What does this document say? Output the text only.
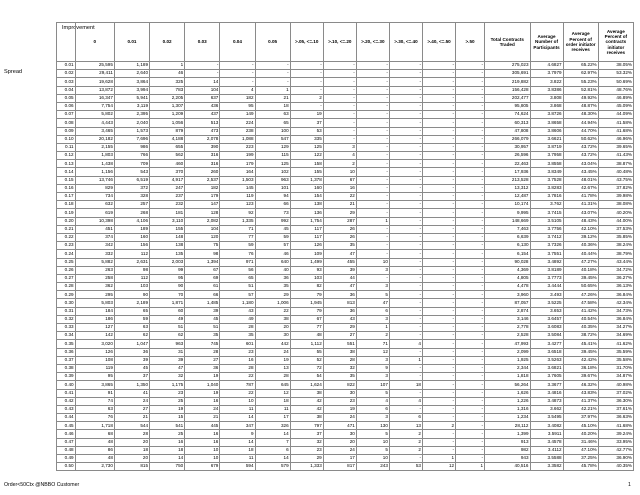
Improvement
Spread
	0	0.01	0.02	0.03	0.04	0.05	>.05, <=.10	>.10, <=.20	>.20, <=.30	>.30, <=.40	>.40, <=.50	>.50	Total Contracts Traded	Average Number of Participants	Average Percent of order initiator receives	Average Percent of contracts initiator receives
0.01	25,595	1,189	1	-	-	-	-	-	-	-	-	-	275,023	4.6827	65.22%	38.05%
0.02	29,411	2,640	46	-	-	-	-	-	-	-	-	-	305,691	3.7979	62.97%	53.32%
0.03	19,628	3,864	325	14	-	-	-	-	-	-	-	-	219,882	3.822	55.23%	50.69%
0.04	13,872	3,994	783	104	4	1	-	-	-	-	-	-	156,428	3.8386	52.81%	48.76%
0.05	16,347	5,941	2,205	637	182	21	2	-	-	-	-	-	202,477	3.808	49.92%	46.89%
0.06	7,754	3,119	1,307	436	95	18	-	-	-	-	-	-	95,805	3.868	48.87%	45.09%
0.07	5,802	2,395	1,209	437	149	63	19	-	-	-	-	-	74,624	3.8726	48.30%	44.09%
0.08	4,443	2,040	1,056	513	224	65	37	-	-	-	-	-	60,313	3.8658	44.94%	41.58%
0.09	3,465	1,573	879	473	238	100	53	-	-	-	-	-	47,808	3.8606	44.70%	41.68%
0.10	20,182	7,696	4,188	2,078	1,088	547	335	-	-	-	-	-	266,079	3.6621	50.62%	46.96%
0.11	2,155	986	655	390	223	129	125	3	-	-	-	-	30,957	3.8719	43.72%	39.65%
0.12	1,803	766	562	316	199	115	122	4	-	-	-	-	26,596	3.7958	43.72%	41.43%
0.13	1,438	709	460	316	179	125	158	2	-	-	-	-	22,463	3.8558	43.04%	38.87%
0.14	1,156	543	370	260	164	102	155	10	-	-	-	-	17,936	3.8349	43.45%	40.48%
0.15	13,746	6,519	4,917	2,537	1,503	963	1,378	67	-	-	-	-	213,528	3.7528	48.01%	43.75%
0.16	829	372	247	182	145	101	160	16	-	-	-	-	13,312	3.8283	42.67%	37.82%
0.17	734	328	237	179	119	94	154	22	-	-	-	-	12,487	3.7816	41.78%	39.98%
0.18	632	257	232	147	123	66	138	21	-	-	-	-	10,174	3.762	41.31%	38.08%
0.19	619	268	181	128	92	73	136	29	-	-	-	-	9,995	3.7415	43.07%	40.20%
0.20	10,398	4,106	3,110	2,082	1,335	992	1,754	287	1	-	-	-	148,669	3.5105	48.43%	44.00%
0.21	451	189	155	104	71	45	117	26	-	-	-	-	7,463	3.7756	42.10%	37.53%
0.22	374	160	148	120	77	59	117	26	-	-	-	-	6,639	3.7412	39.12%	35.85%
0.23	342	156	138	75	59	57	126	35	-	-	-	-	6,130	3.7326	40.36%	38.24%
0.24	332	112	135	98	76	46	109	47	-	-	-	-	6,154	3.7551	40.44%	38.79%
0.25	5,882	2,631	2,003	1,394	971	640	1,499	455	10	-	-	-	90,028	3.4892	47.27%	43.44%
0.26	263	98	99	67	56	40	93	39	3	-	-	-	4,369	3.8189	40.18%	34.72%
0.27	258	112	95	69	65	36	103	44	-	-	-	-	4,805	3.7773	39.45%	36.27%
0.28	362	103	90	61	51	35	82	47	3	-	-	-	4,478	3.4444	50.65%	36.13%
0.29	295	90	70	66	57	29	79	36	5	-	-	-	3,960	3.493	47.26%	36.84%
0.30	5,803	2,189	1,871	1,485	1,180	1,006	1,945	813	47	-	-	-	87,057	3.5225	47.58%	42.34%
0.31	184	65	60	39	43	22	79	36	6	-	-	-	2,874	3.653	41.42%	34.73%
0.32	186	59	49	45	49	38	67	43	3	-	-	-	3,146	3.6457	40.54%	36.84%
0.33	127	63	51	51	28	20	77	29	1	-	-	-	2,778	3.6083	40.35%	34.27%
0.34	142	62	62	35	35	30	48	27	2	-	-	-	2,528	3.5084	38.72%	34.69%
0.35	3,020	1,047	963	745	601	442	1,112	551	71	4	-	-	47,993	3.4277	45.41%	41.62%
0.36	126	36	31	28	23	24	55	38	12	-	-	-	2,099	3.6518	39.45%	35.59%
0.37	108	39	39	27	16	19	52	28	3	1	-	-	1,925	3.5263	42.42%	35.58%
0.38	119	45	47	36	28	13	72	32	9	-	-	-	2,344	3.6821	36.18%	31.70%
0.39	95	37	32	19	22	28	54	35	3	-	-	-	1,818	3.7605	39.67%	34.87%
0.40	3,865	1,350	1,175	1,040	787	645	1,624	822	107	18	-	-	56,264	3.3677	46.32%	40.98%
0.41	91	41	23	19	22	12	38	30	5	-	-	-	1,626	3.4816	43.83%	37.02%
0.42	74	24	25	16	10	18	42	23	4	4	-	-	1,226	3.4873	41.37%	36.30%
0.43	63	27	19	24	11	11	42	19	6	-	-	-	1,316	3.662	42.21%	37.61%
0.44	76	21	15	21	14	17	38	24	3	6	-	-	1,234	3.5495	37.97%	36.63%
0.45	1,718	544	541	445	347	326	797	471	130	13	2	-	28,112	3.4082	45.10%	41.68%
0.46	68	28	25	16	9	14	37	30	5	2	-	-	1,399	3.5911	40.20%	39.24%
0.47	48	20	16	16	14	7	32	20	10	2	-	-	913	3.4578	31.46%	33.95%
0.48	86	18	18	10	18	6	23	24	5	2	-	-	982	3.4112	47.10%	42.77%
0.49	48	20	14	10	11	14	29	17	10	-	1	-	943	3.5588	37.25%	36.90%
0.50	2,730	815	750	679	594	579	1,333	817	243	53	12	1	40,516	3.3582	45.78%	40.35%
Order<50Ctx @NBBO Customer	1
